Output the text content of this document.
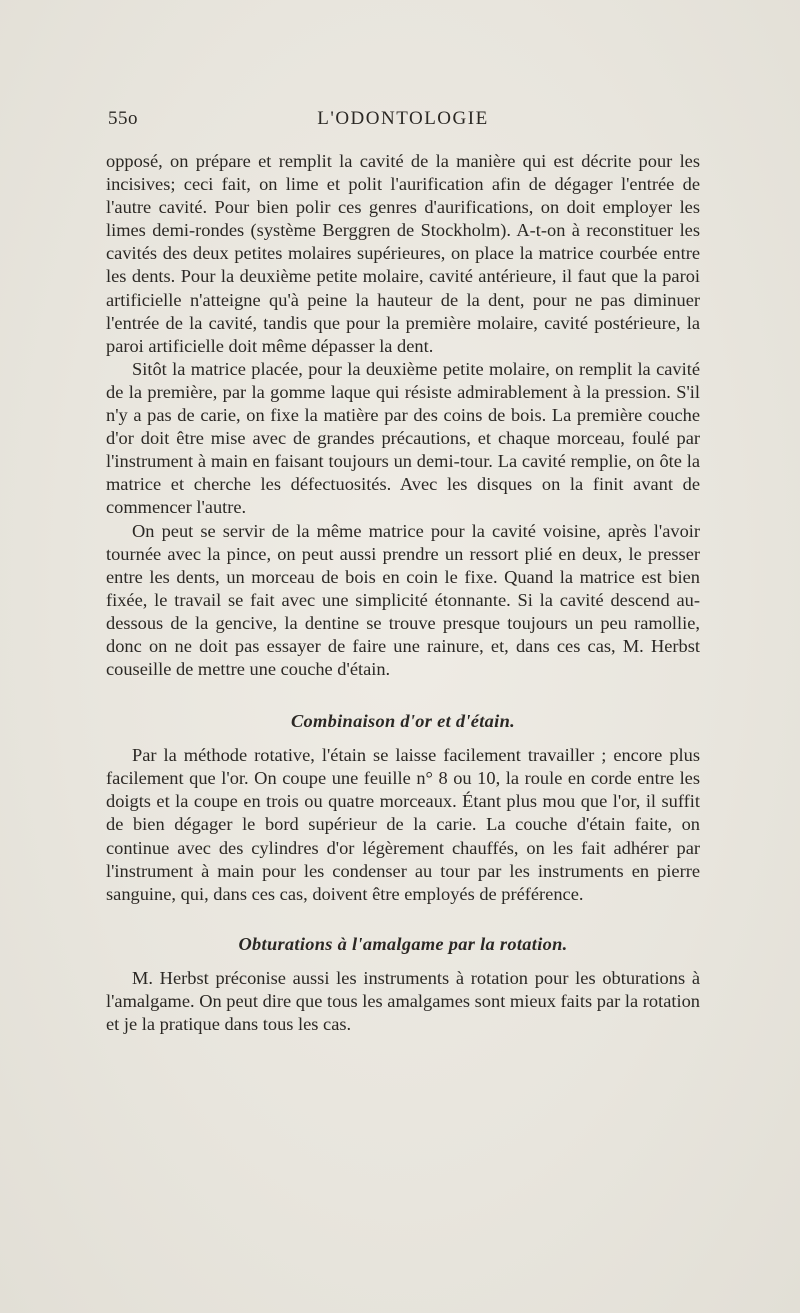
55o	L'ODONTOLOGIE

opposé, on prépare et remplit la cavité de la manière qui est décrite pour les incisives; ceci fait, on lime et polit l'aurification afin de dégager l'entrée de l'autre cavité. Pour bien polir ces genres d'aurifications, on doit employer les limes demi-rondes (système Berggren de Stockholm). A-t-on à reconstituer les cavités des deux petites molaires supérieures, on place la matrice courbée entre les dents. Pour la deuxième petite molaire, cavité antérieure, il faut que la paroi artificielle n'atteigne qu'à peine la hauteur de la dent, pour ne pas diminuer l'entrée de la cavité, tandis que pour la première molaire, cavité postérieure, la paroi artificielle doit même dépasser la dent.

Sitôt la matrice placée, pour la deuxième petite molaire, on remplit la cavité de la première, par la gomme laque qui résiste admirablement à la pression. S'il n'y a pas de carie, on fixe la matière par des coins de bois. La première couche d'or doit être mise avec de grandes précautions, et chaque morceau, foulé par l'instrument à main en faisant toujours un demi-tour. La cavité remplie, on ôte la matrice et cherche les défectuosités. Avec les disques on la finit avant de commencer l'autre.

On peut se servir de la même matrice pour la cavité voisine, après l'avoir tournée avec la pince, on peut aussi prendre un ressort plié en deux, le presser entre les dents, un morceau de bois en coin le fixe. Quand la matrice est bien fixée, le travail se fait avec une simplicité étonnante. Si la cavité descend au-dessous de la gencive, la dentine se trouve presque toujours un peu ramollie, donc on ne doit pas essayer de faire une rainure, et, dans ces cas, M. Herbst couseille de mettre une couche d'étain.

Combinaison d'or et d'étain.

Par la méthode rotative, l'étain se laisse facilement travailler ; encore plus facilement que l'or. On coupe une feuille n° 8 ou 10, la roule en corde entre les doigts et la coupe en trois ou quatre morceaux. Étant plus mou que l'or, il suffit de bien dégager le bord supérieur de la carie. La couche d'étain faite, on continue avec des cylindres d'or légèrement chauffés, on les fait adhérer par l'instrument à main pour les condenser au tour par les instruments en pierre sanguine, qui, dans ces cas, doivent être employés de préférence.

Obturations à l'amalgame par la rotation.

M. Herbst préconise aussi les instruments à rotation pour les obturations à l'amalgame. On peut dire que tous les amalgames sont mieux faits par la rotation et je la pratique dans tous les cas.
